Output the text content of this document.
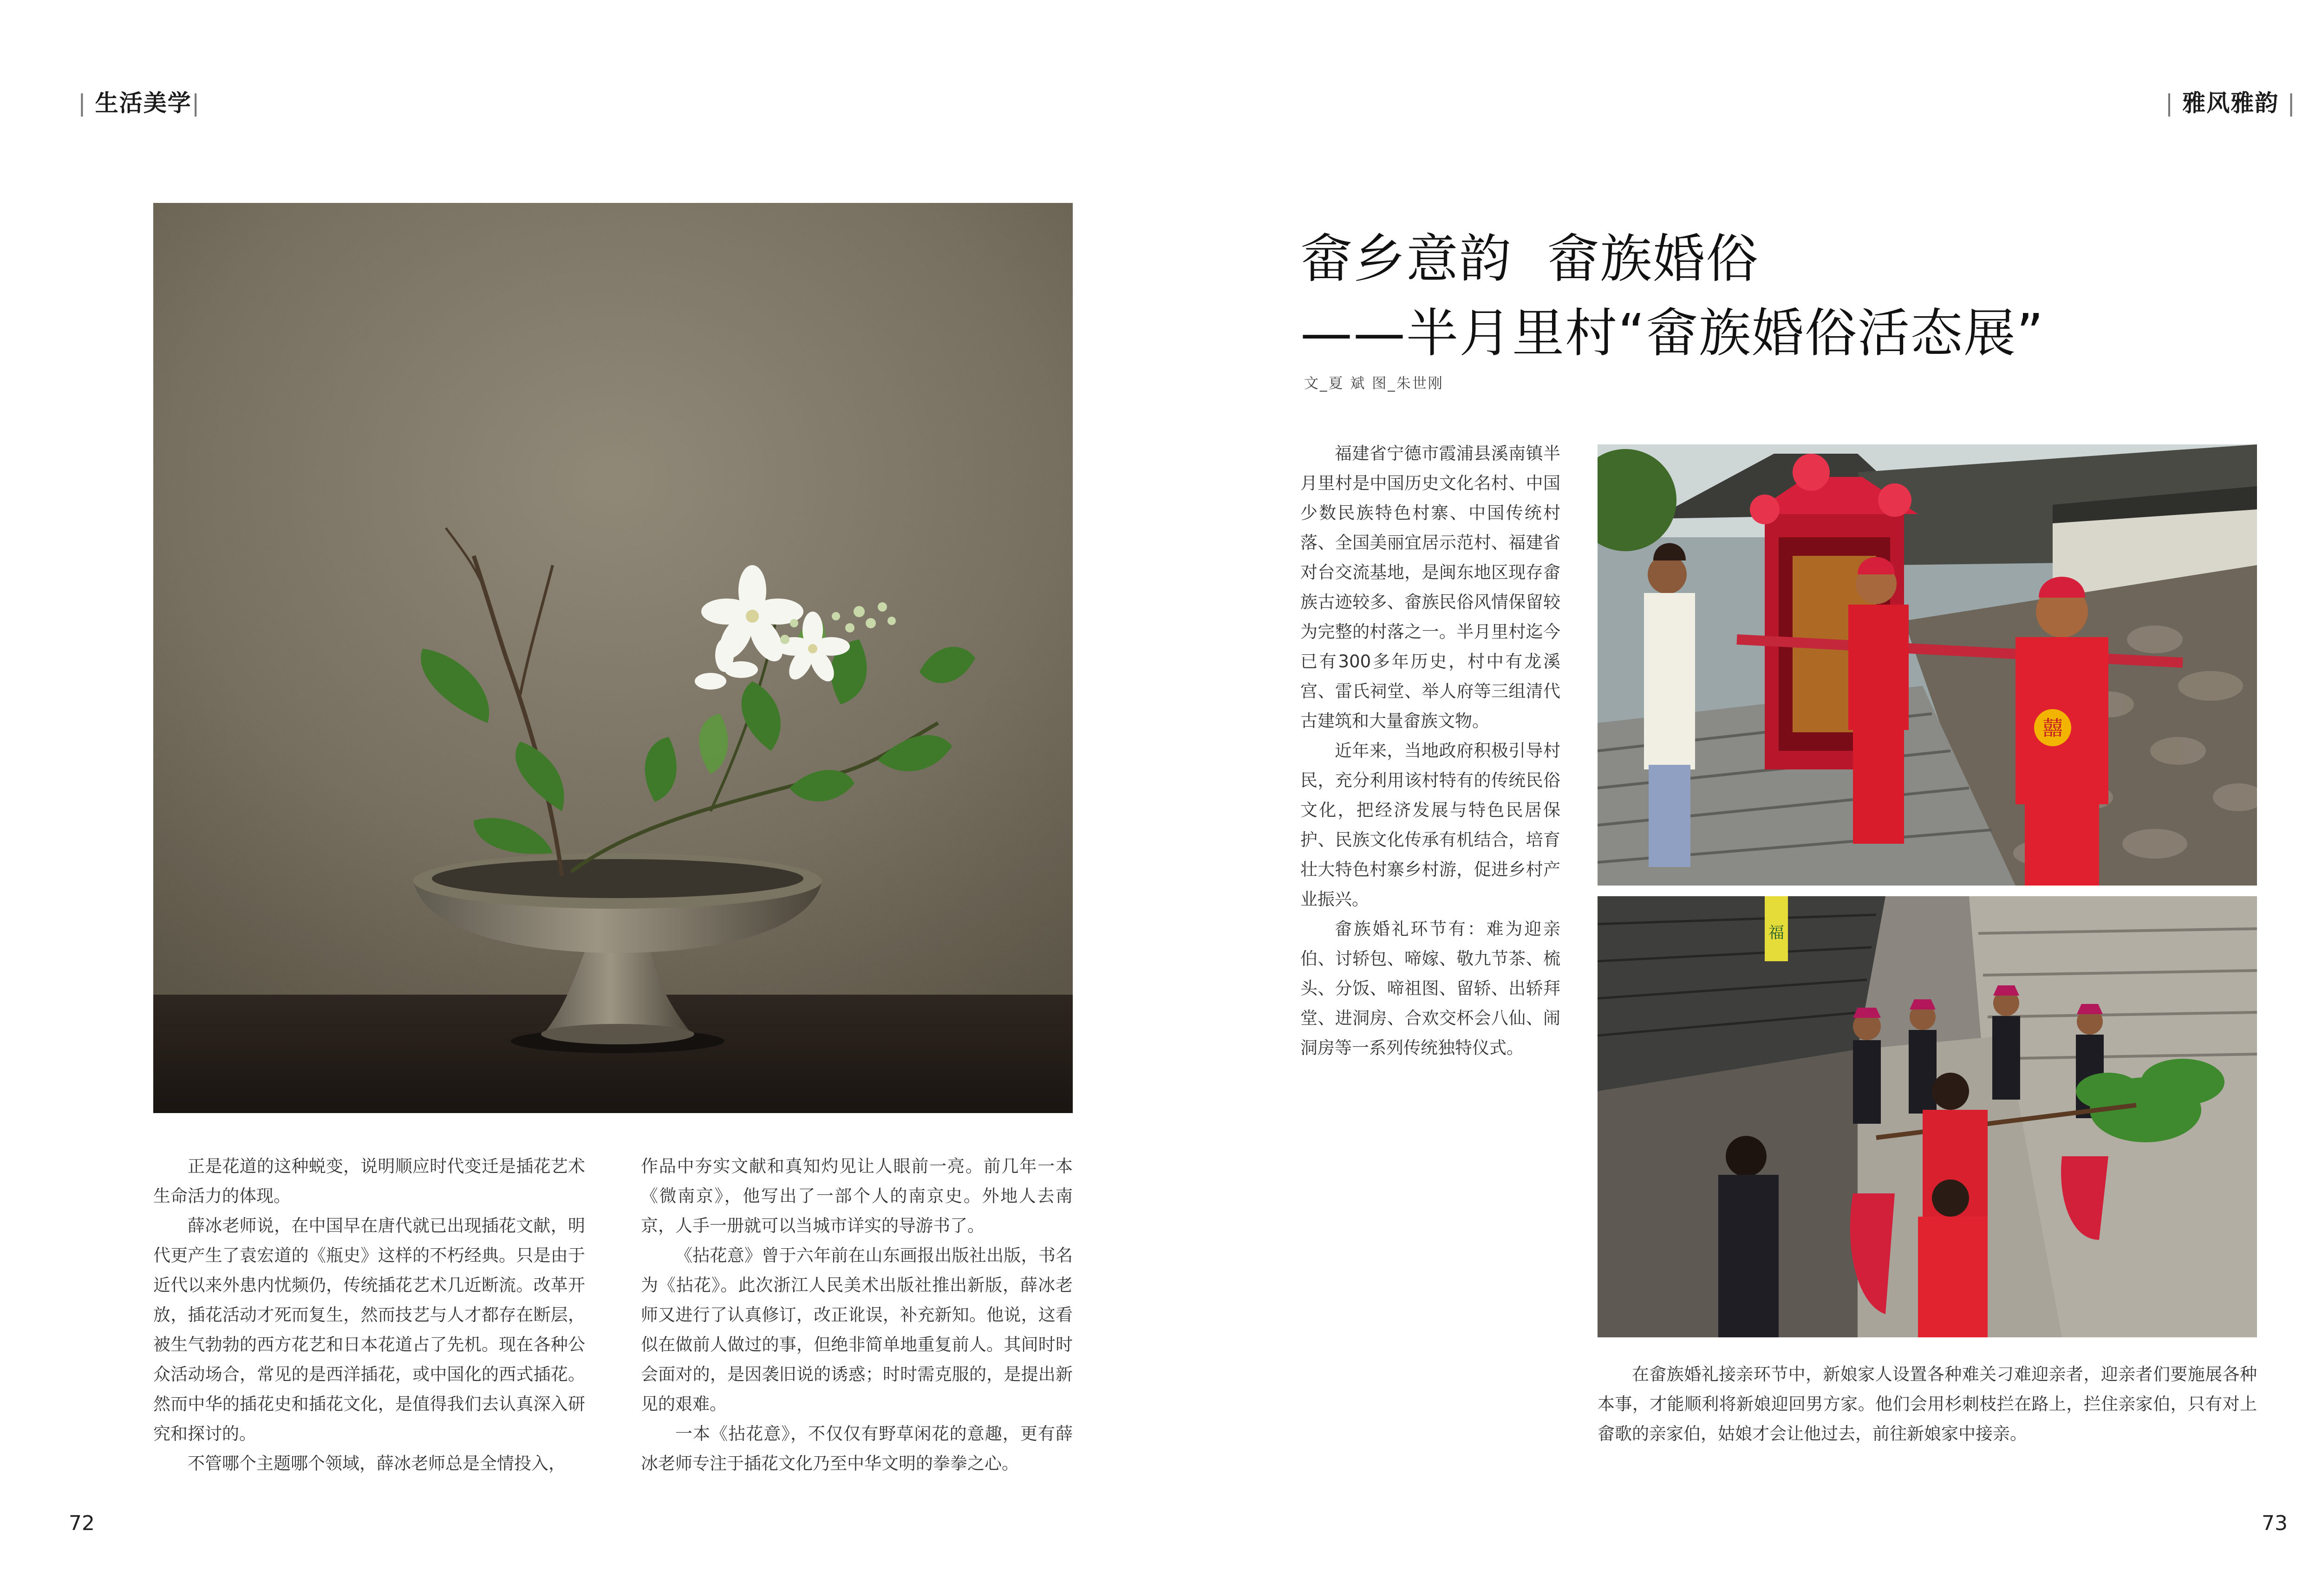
| 生活美学|

正是花道的这种蜕变，说明顺应时代变迁是插花艺术生命活力的体现。

薛冰老师说，在中国早在唐代就已出现插花文献，明代更产生了袁宏道的《瓶史》这样的不朽经典。只是由于近代以来外患内忧频仍，传统插花艺术几近断流。改革开放，插花活动才死而复生，然而技艺与人才都存在断层，被生气勃勃的西方花艺和日本花道占了先机。现在各种公众活动场合，常见的是西洋插花，或中国化的西式插花。然而中华的插花史和插花文化，是值得我们去认真深入研究和探讨的。

不管哪个主题哪个领域，薛冰老师总是全情投入，

作品中夯实文献和真知灼见让人眼前一亮。前几年一本《微南京》，他写出了一部个人的南京史。外地人去南京，人手一册就可以当城市详实的导游书了。

《拈花意》曾于六年前在山东画报出版社出版，书名为《拈花》。此次浙江人民美术出版社推出新版，薛冰老师又进行了认真修订，改正讹误，补充新知。他说，这看似在做前人做过的事，但绝非简单地重复前人。其间时时会面对的，是因袭旧说的诱惑；时时需克服的，是提出新见的艰难。

一本《拈花意》，不仅仅有野草闲花的意趣，更有薛冰老师专注于插花文化乃至中华文明的拳拳之心。

72
| 雅风雅韵 |
畲乡意韵  畲族婚俗
——半月里村“畲族婚俗活态展”
文_夏 斌 图_朱世刚

福建省宁德市霞浦县溪南镇半月里村是中国历史文化名村、中国少数民族特色村寨、中国传统村落、全国美丽宜居示范村、福建省对台交流基地，是闽东地区现存畲族古迹较多、畲族民俗风情保留较为完整的村落之一。半月里村迄今已有300多年历史，村中有龙溪宫、雷氏祠堂、举人府等三组清代古建筑和大量畲族文物。

近年来，当地政府积极引导村民，充分利用该村特有的传统民俗文化，把经济发展与特色民居保护、民族文化传承有机结合，培育壮大特色村寨乡村游，促进乡村产业振兴。

畲族婚礼环节有：难为迎亲伯、讨轿包、啼嫁、敬九节茶、梳头、分饭、啼祖图、留轿、出轿拜堂、进洞房、合欢交杯会八仙、闹洞房等一系列传统独特仪式。

囍
福

在畲族婚礼接亲环节中，新娘家人设置各种难关刁难迎亲者，迎亲者们要施展各种本事，才能顺利将新娘迎回男方家。他们会用杉刺枝拦在路上，拦住亲家伯，只有对上畲歌的亲家伯，姑娘才会让他过去，前往新娘家中接亲。

73
